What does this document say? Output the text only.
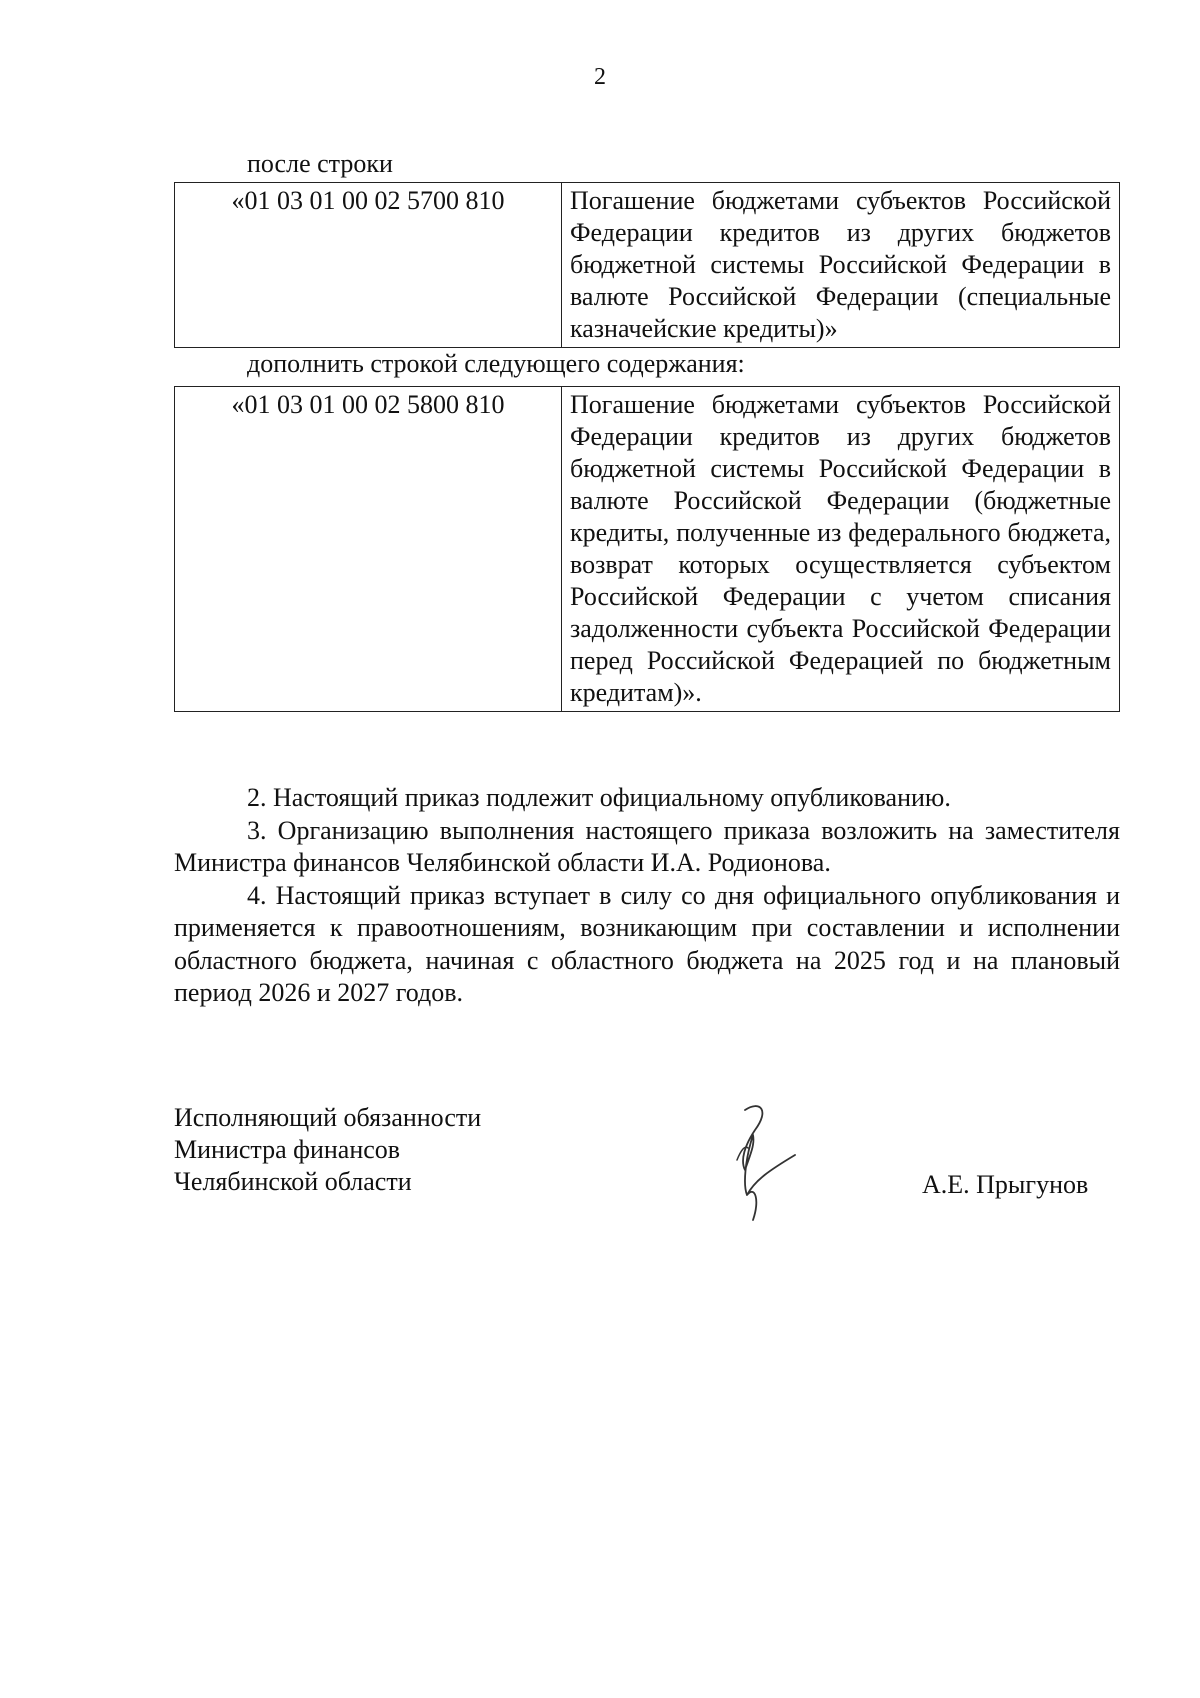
2
после строки
«01 03 01 00 02 5700 810	Погашение бюджетами субъектов Российской Федерации кредитов из других бюджетов бюджетной системы Российской Федерации в валюте Российской Федерации (специальные казначейские кредиты)»
дополнить строкой следующего содержания:
«01 03 01 00 02 5800 810	Погашение бюджетами субъектов Российской Федерации кредитов из других бюджетов бюджетной системы Российской Федерации в валюте Российской Федерации (бюджетные кредиты, полученные из федерального бюджета, возврат которых осуществляется субъектом Российской Федерации с учетом списания задолженности субъекта Российской Федерации перед Российской Федерацией по бюджетным кредитам)».

2. Настоящий приказ подлежит официальному опубликованию.

3. Организацию выполнения настоящего приказа возложить на заместителя Министра финансов Челябинской области И.А. Родионова.

4. Настоящий приказ вступает в силу со дня официального опубликования и применяется к правоотношениям, возникающим при составлении и исполнении областного бюджета, начиная с областного бюджета на 2025 год и на плановый период 2026 и 2027 годов.

Исполняющий обязанности
Министра финансов
Челябинской области	А.Е. Прыгунов
